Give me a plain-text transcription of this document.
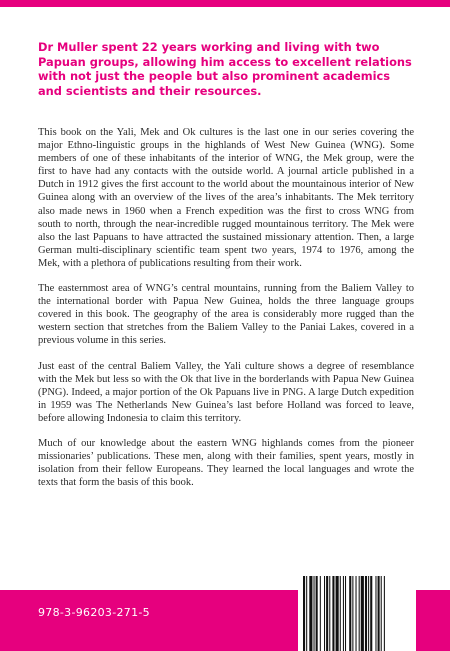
Dr Muller spent 22 years working and living with two Papuan groups, allowing him access to excellent relations with not just the people but also prominent academics and scientists and their resources.

This book on the Yali, Mek and Ok cultures is the last one in our series covering the major Ethno-linguistic groups in the highlands of West New Guinea (WNG). Some members of one of these inhabitants of the interior of WNG, the Mek group, were the first to have had any contacts with the outside world. A journal article published in a Dutch in 1912 gives the first account to the world about the mountainous interior of New Guinea along with an overview of the lives of the area’s inhabitants. The Mek territory also made news in 1960 when a French expedition was the first to cross WNG from south to north, through the near-incredible rugged mountainous territory. The Mek were also the last Papuans to have attracted the sustained missionary attention. Then, a large German multi-disciplinary scientific team spent two years, 1974 to 1976, among the Mek, with a plethora of publications resulting from their work.

The easternmost area of WNG’s central mountains, running from the Baliem Valley to the international border with Papua New Guinea, holds the three language groups covered in this book. The geography of the area is considerably more rugged than the western section that stretches from the Baliem Valley to the Paniai Lakes, covered in a previous volume in this series.

Just east of the central Baliem Valley, the Yali culture shows a degree of resemblance with the Mek but less so with the Ok that live in the borderlands with Papua New Guinea (PNG). Indeed, a major portion of the Ok Papuans live in PNG. A large Dutch expedition in 1959 was The Netherlands New Guinea’s last before Holland was forced to leave, before allowing Indonesia to claim this territory.

Much of our knowledge about the eastern WNG highlands comes from the pioneer missionaries’ publications. These men, along with their families, spent years, mostly in isolation from their fellow Europeans. They learned the local languages and wrote the texts that form the basis of this book.

978-3-96203-271-5
